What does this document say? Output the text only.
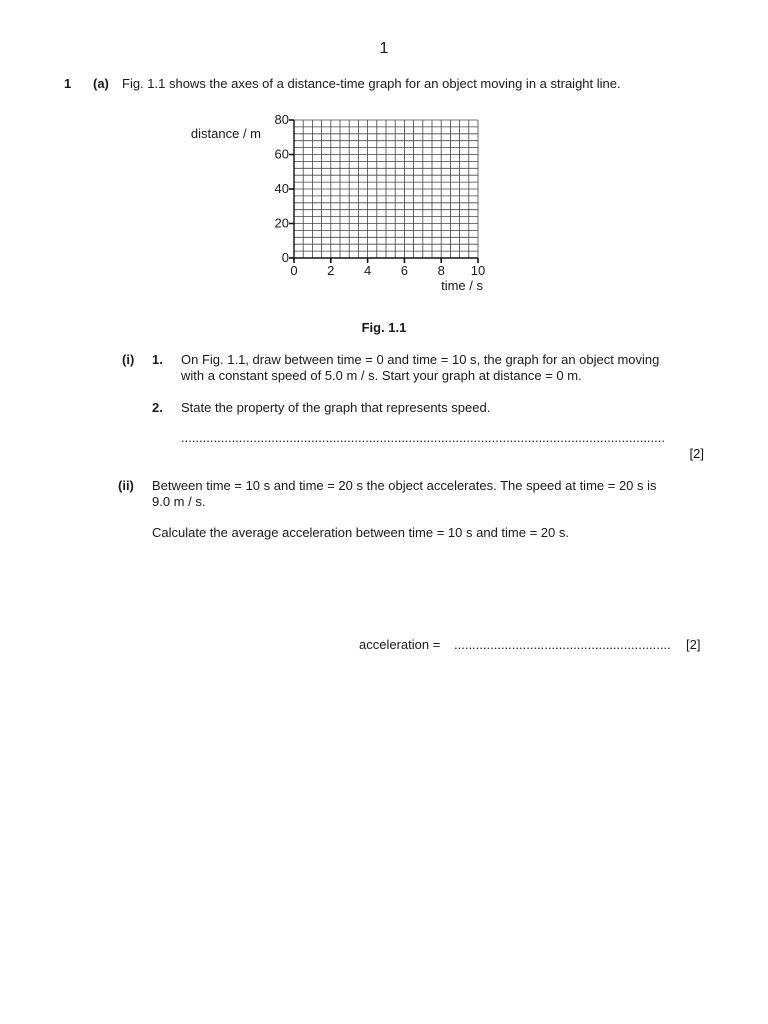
1
1 (a) Fig. 1.1 shows the axes of a distance-time graph for an object moving in a straight line.
0
20
40
60
80
0 2 4 6 8 10
distance / m
time / s
Fig. 1.1
(i) 1. On Fig. 1.1, draw between time = 0 and time = 10 s, the graph for an object moving
with a constant speed of 5.0 m / s. Start your graph at distance = 0 m.
2. State the property of the graph that represents speed.
......................................................................................................................................
[2]
(ii) Between time = 10 s and time = 20 s the object accelerates. The speed at time = 20 s is
9.0 m / s.
Calculate the average acceleration between time = 10 s and time = 20 s.
acceleration = ............................................................	[2]
